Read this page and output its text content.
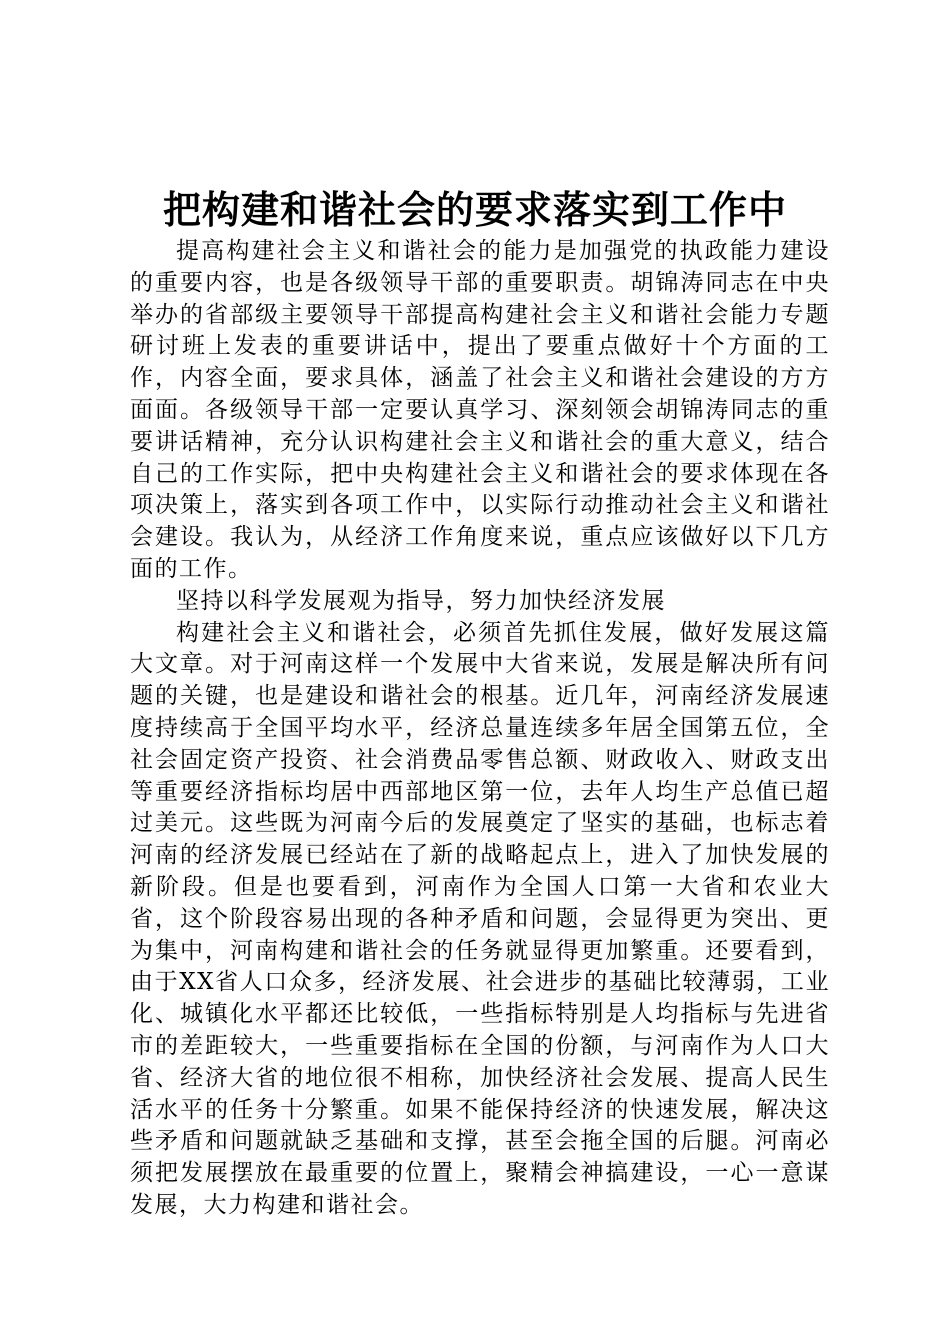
把构建和谐社会的要求落实到工作中

提高构建社会主义和谐社会的能力是加强党的执政能力建设的重要内容，也是各级领导干部的重要职责。胡锦涛同志在中央举办的省部级主要领导干部提高构建社会主义和谐社会能力专题研讨班上发表的重要讲话中，提出了要重点做好十个方面的工作，内容全面，要求具体，涵盖了社会主义和谐社会建设的方方面面。各级领导干部一定要认真学习、深刻领会胡锦涛同志的重要讲话精神，充分认识构建社会主义和谐社会的重大意义，结合自己的工作实际，把中央构建社会主义和谐社会的要求体现在各项决策上，落实到各项工作中，以实际行动推动社会主义和谐社会建设。我认为，从经济工作角度来说，重点应该做好以下几方面的工作。

坚持以科学发展观为指导，努力加快经济发展

构建社会主义和谐社会，必须首先抓住发展，做好发展这篇大文章。对于河南这样一个发展中大省来说，发展是解决所有问题的关键，也是建设和谐社会的根基。近几年，河南经济发展速度持续高于全国平均水平，经济总量连续多年居全国第五位，全社会固定资产投资、社会消费品零售总额、财政收入、财政支出等重要经济指标均居中西部地区第一位，去年人均生产总值已超过美元。这些既为河南今后的发展奠定了坚实的基础，也标志着河南的经济发展已经站在了新的战略起点上，进入了加快发展的新阶段。但是也要看到，河南作为全国人口第一大省和农业大省，这个阶段容易出现的各种矛盾和问题，会显得更为突出、更为集中，河南构建和谐社会的任务就显得更加繁重。还要看到，由于XX省人口众多，经济发展、社会进步的基础比较薄弱，工业化、城镇化水平都还比较低，一些指标特别是人均指标与先进省市的差距较大，一些重要指标在全国的份额，与河南作为人口大省、经济大省的地位很不相称，加快经济社会发展、提高人民生活水平的任务十分繁重。如果不能保持经济的快速发展，解决这些矛盾和问题就缺乏基础和支撑，甚至会拖全国的后腿。河南必须把发展摆放在最重要的位置上，聚精会神搞建设，一心一意谋发展，大力构建和谐社会。
